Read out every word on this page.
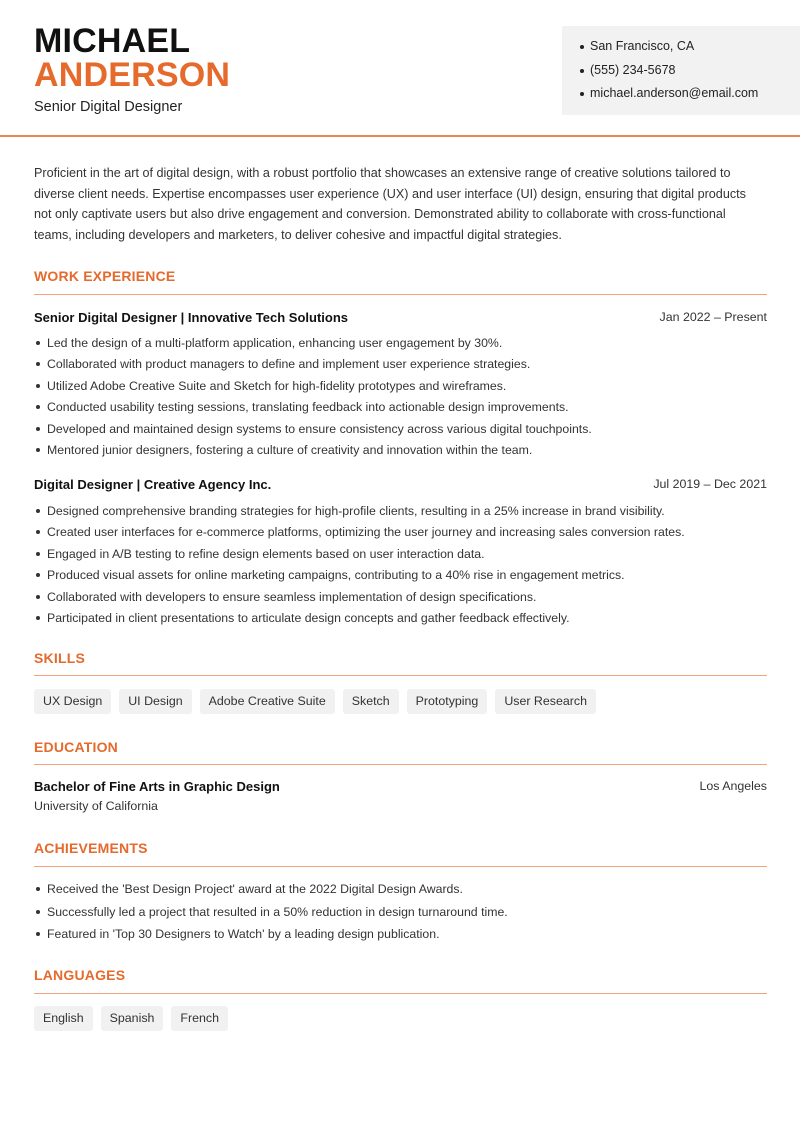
MICHAEL
ANDERSON
Senior Digital Designer
San Francisco, CA
(555) 234-5678
michael.anderson@email.com

Proficient in the art of digital design, with a robust portfolio that showcases an extensive range of creative solutions tailored to diverse client needs. Expertise encompasses user experience (UX) and user interface (UI) design, ensuring that digital products not only captivate users but also drive engagement and conversion. Demonstrated ability to collaborate with cross-functional teams, including developers and marketers, to deliver cohesive and impactful digital strategies.

WORK EXPERIENCE
Senior Digital Designer | Innovative Tech Solutions	Jan 2022 – Present
Led the design of a multi-platform application, enhancing user engagement by 30%.
Collaborated with product managers to define and implement user experience strategies.
Utilized Adobe Creative Suite and Sketch for high-fidelity prototypes and wireframes.
Conducted usability testing sessions, translating feedback into actionable design improvements.
Developed and maintained design systems to ensure consistency across various digital touchpoints.
Mentored junior designers, fostering a culture of creativity and innovation within the team.
Digital Designer | Creative Agency Inc.	Jul 2019 – Dec 2021
Designed comprehensive branding strategies for high-profile clients, resulting in a 25% increase in brand visibility.
Created user interfaces for e-commerce platforms, optimizing the user journey and increasing sales conversion rates.
Engaged in A/B testing to refine design elements based on user interaction data.
Produced visual assets for online marketing campaigns, contributing to a 40% rise in engagement metrics.
Collaborated with developers to ensure seamless implementation of design specifications.
Participated in client presentations to articulate design concepts and gather feedback effectively.
SKILLS
UX Design	UI Design	Adobe Creative Suite	Sketch	Prototyping	User Research
EDUCATION
Bachelor of Fine Arts in Graphic Design	Los Angeles
University of California
ACHIEVEMENTS
Received the 'Best Design Project' award at the 2022 Digital Design Awards.
Successfully led a project that resulted in a 50% reduction in design turnaround time.
Featured in 'Top 30 Designers to Watch' by a leading design publication.
LANGUAGES
English	Spanish	French
